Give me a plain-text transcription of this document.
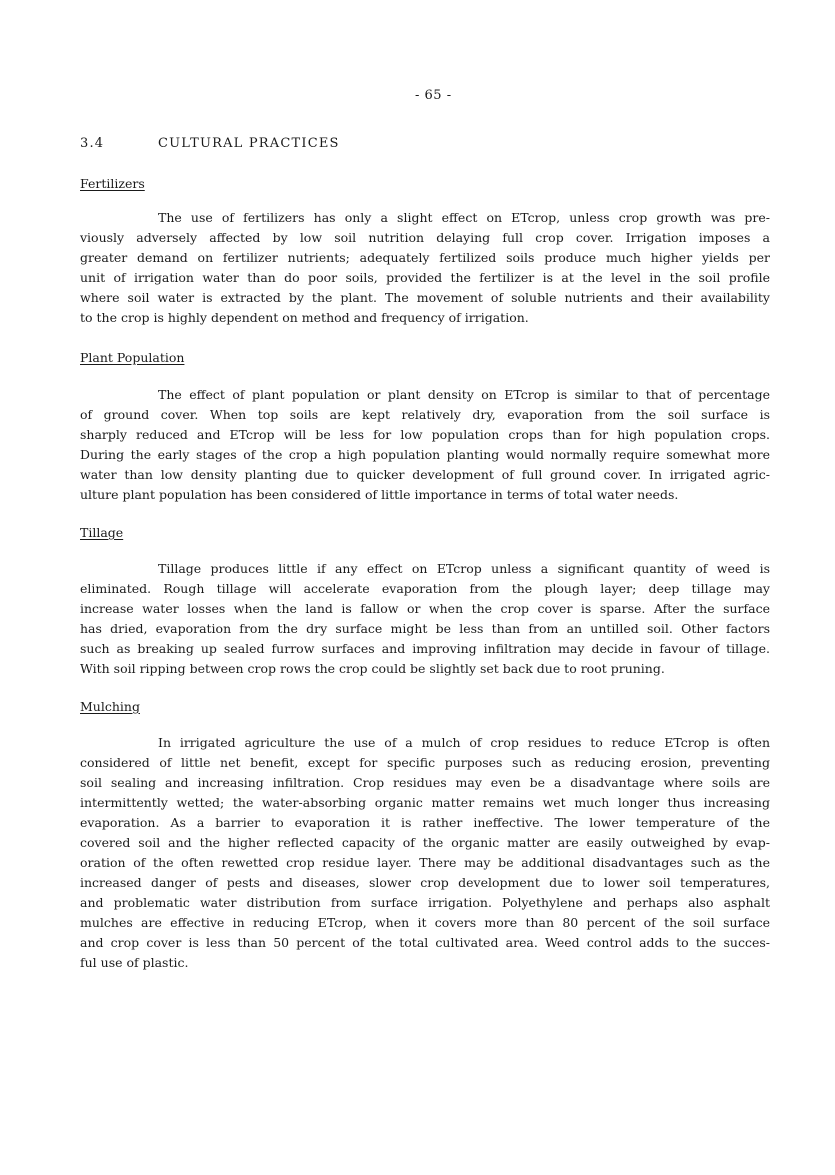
- 65 -
3.4	CULTURAL PRACTICES
Fertilizers
The use of fertilizers has only a slight effect on ETcrop, unless crop growth was pre-
viously adversely affected by low soil nutrition delaying full crop cover. Irrigation imposes a
greater demand on fertilizer nutrients; adequately fertilized soils produce much higher yields per
unit of irrigation water than do poor soils, provided the fertilizer is at the level in the soil profile
where soil water is extracted by the plant. The movement of soluble nutrients and their availability
to the crop is highly dependent on method and frequency of irrigation.
Plant Population
The effect of plant population or plant density on ETcrop is similar to that of percentage
of ground cover. When top soils are kept relatively dry, evaporation from the soil surface is
sharply reduced and ETcrop will be less for low population crops than for high population crops.
During the early stages of the crop a high population planting would normally require somewhat more
water than low density planting due to quicker development of full ground cover. In irrigated agric-
ulture plant population has been considered of little importance in terms of total water needs.
Tillage
Tillage produces little if any effect on ETcrop unless a significant quantity of weed is
eliminated. Rough tillage will accelerate evaporation from the plough layer; deep tillage may
increase water losses when the land is fallow or when the crop cover is sparse. After the surface
has dried, evaporation from the dry surface might be less than from an untilled soil. Other factors
such as breaking up sealed furrow surfaces and improving infiltration may decide in favour of tillage.
With soil ripping between crop rows the crop could be slightly set back due to root pruning.
Mulching
In irrigated agriculture the use of a mulch of crop residues to reduce ETcrop is often
considered of little net benefit, except for specific purposes such as reducing erosion, preventing
soil sealing and increasing infiltration. Crop residues may even be a disadvantage where soils are
intermittently wetted; the water-absorbing organic matter remains wet much longer thus increasing
evaporation. As a barrier to evaporation it is rather ineffective. The lower temperature of the
covered soil and the higher reflected capacity of the organic matter are easily outweighed by evap-
oration of the often rewetted crop residue layer. There may be additional disadvantages such as the
increased danger of pests and diseases, slower crop development due to lower soil temperatures,
and problematic water distribution from surface irrigation. Polyethylene and perhaps also asphalt
mulches are effective in reducing ETcrop, when it covers more than 80 percent of the soil surface
and crop cover is less than 50 percent of the total cultivated area. Weed control adds to the succes-
ful use of plastic.
